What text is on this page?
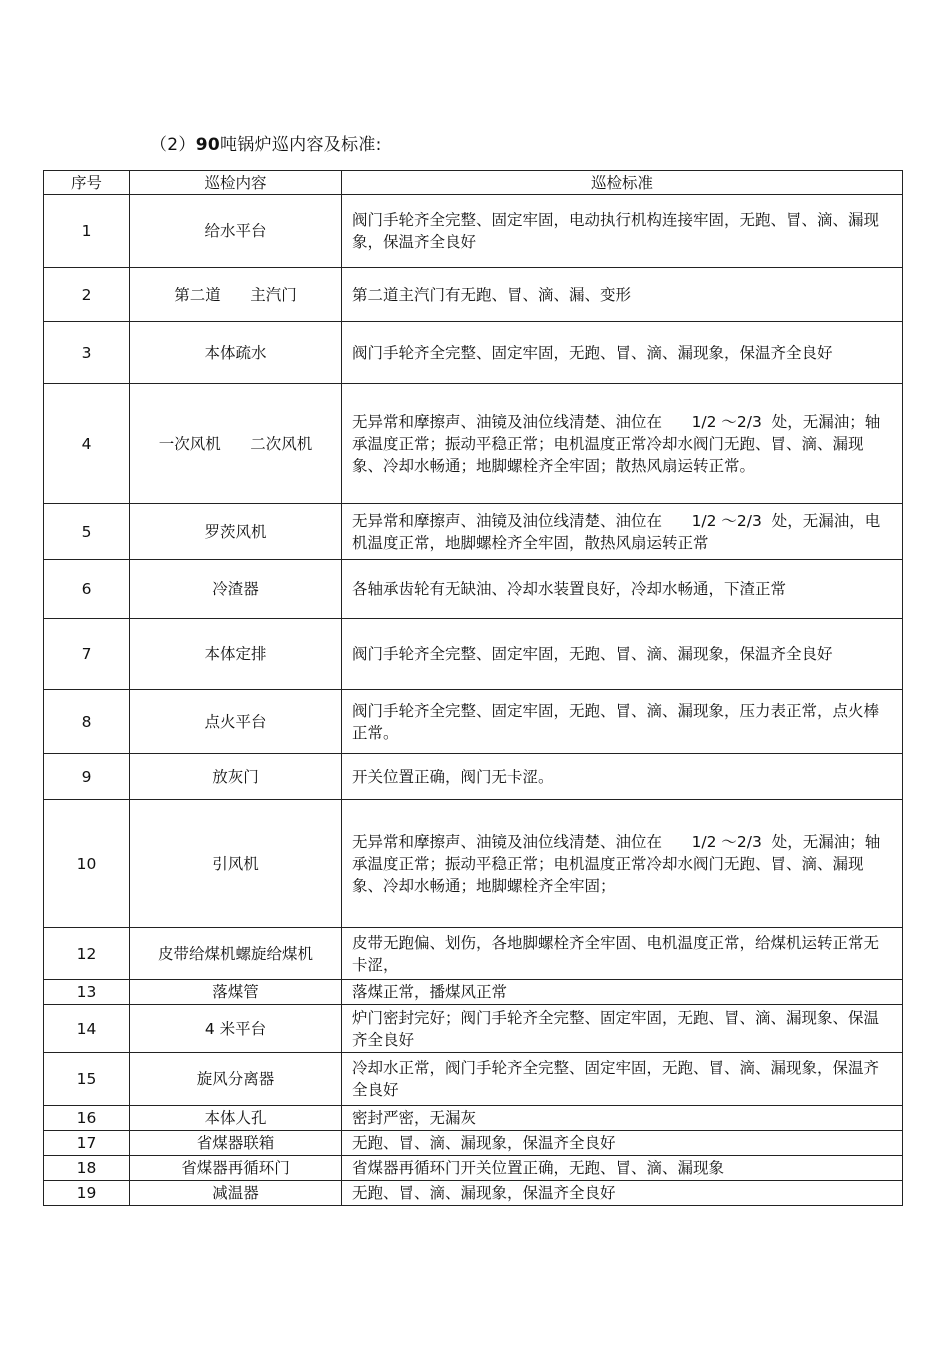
（2）90吨锅炉巡内容及标准:
序号	巡检内容	巡检标准
1	给水平台	阀门手轮齐全完整、固定牢固，电动执行机构连接牢固，无跑、冒、滴、漏现象，保温齐全良好
2	第二道      主汽门	第二道主汽门有无跑、冒、滴、漏、变形
3	本体疏水	阀门手轮齐全完整、固定牢固，无跑、冒、滴、漏现象，保温齐全良好
4	一次风机      二次风机	无异常和摩擦声、油镜及油位线清楚、油位在      1/2 ～2/3  处，无漏油；轴承温度正常；振动平稳正常；电机温度正常冷却水阀门无跑、冒、滴、漏现象、冷却水畅通；地脚螺栓齐全牢固；散热风扇运转正常。
5	罗茨风机	无异常和摩擦声、油镜及油位线清楚、油位在      1/2 ～2/3  处，无漏油，电机温度正常，地脚螺栓齐全牢固，散热风扇运转正常
6	冷渣器	各轴承齿轮有无缺油、冷却水装置良好，冷却水畅通，下渣正常
7	本体定排	阀门手轮齐全完整、固定牢固，无跑、冒、滴、漏现象，保温齐全良好
8	点火平台	阀门手轮齐全完整、固定牢固，无跑、冒、滴、漏现象，压力表正常，点火棒正常。
9	放灰门	开关位置正确，阀门无卡涩。
10	引风机	无异常和摩擦声、油镜及油位线清楚、油位在      1/2 ～2/3  处，无漏油；轴承温度正常；振动平稳正常；电机温度正常冷却水阀门无跑、冒、滴、漏现象、冷却水畅通；地脚螺栓齐全牢固；
12	皮带给煤机螺旋给煤机	皮带无跑偏、划伤，各地脚螺栓齐全牢固、电机温度正常，给煤机运转正常无卡涩，
13	落煤管	落煤正常，播煤风正常
14	4 米平台	炉门密封完好；阀门手轮齐全完整、固定牢固，无跑、冒、滴、漏现象、保温齐全良好
15	旋风分离器	冷却水正常，阀门手轮齐全完整、固定牢固，无跑、冒、滴、漏现象，保温齐全良好
16	本体人孔	密封严密，无漏灰
17	省煤器联箱	无跑、冒、滴、漏现象，保温齐全良好
18	省煤器再循环门	省煤器再循环门开关位置正确，无跑、冒、滴、漏现象
19	减温器	无跑、冒、滴、漏现象，保温齐全良好
